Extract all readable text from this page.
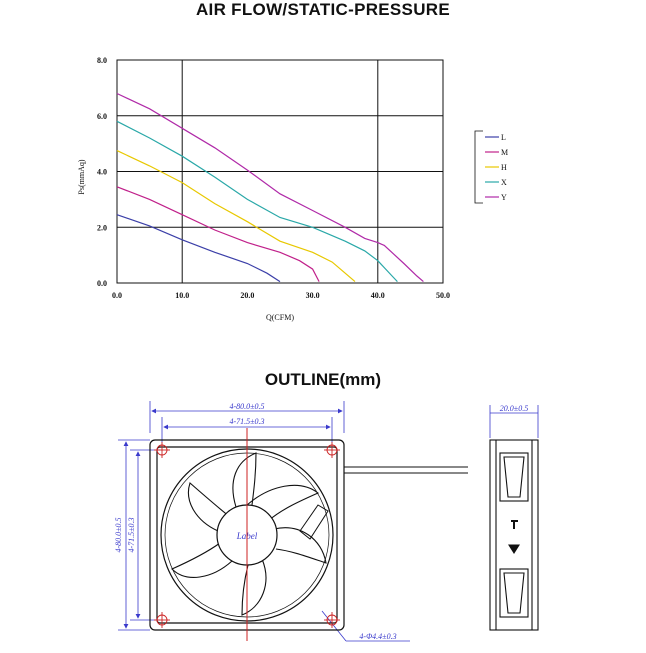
AIR FLOW/STATIC-PRESSURE
0.0	10.0	20.0	30.0	40.0	50.0
0.0
2.0
4.0
6.0
8.0
Ps(mmAq)
Q(CFM)
L
M
H
X
Y
OUTLINE(mm)
4-80.0±0.5
4-71.5±0.3
4-80.0±0.5 4-71.5±0.3
20.0±0.5
4-Φ4.4±0.3
Label
